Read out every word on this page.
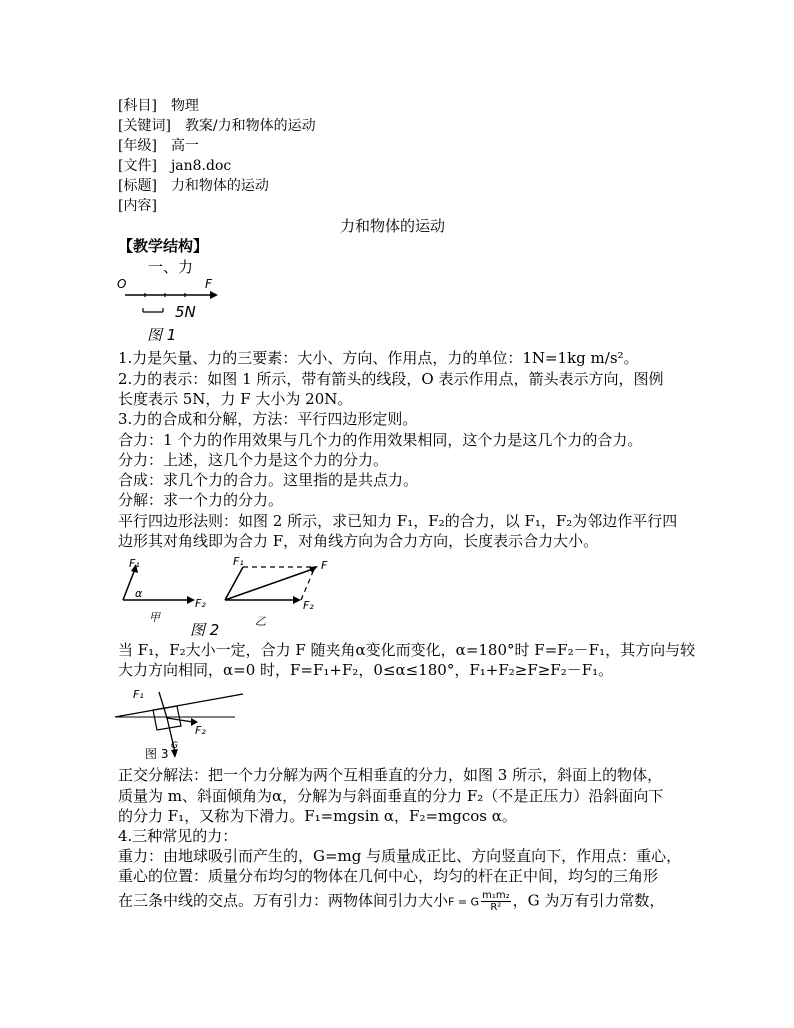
[科目] 物理
[关键词] 教案/力和物体的运动
[年级] 高一
[文件] jan8.doc
[标题] 力和物体的运动
[内容]
力和物体的运动
【教学结构】
一、力
O	F
5N
图 1
1.力是矢量、力的三要素：大小、方向、作用点，力的单位：1N=1kg m/s²。
2.力的表示：如图 1 所示，带有箭头的线段，O 表示作用点，箭头表示方向，图例
长度表示 5N，力 F 大小为 20N。
3.力的合成和分解，方法：平行四边形定则。
合力：1 个力的作用效果与几个力的作用效果相同，这个力是这几个力的合力。
分力：上述，这几个力是这个力的分力。
合成：求几个力的合力。这里指的是共点力。
分解：求一个力的分力。
平行四边形法则：如图 2 所示，求已知力 F₁，F₂的合力，以 F₁，F₂为邻边作平行四
边形其对角线即为合力 F，对角线方向为合力方向，长度表示合力大小。
F₁
α
F₂
甲
F₁	F
F₂
乙
图 2
当 F₁，F₂大小一定，合力 F 随夹角α变化而变化，α=180°时 F=F₂－F₁，其方向与较
大力方向相同，α=0 时，F=F₁+F₂，0≤α≤180°，F₁+F₂≥F≥F₂－F₁。
F₁
F₂
G
图 3
正交分解法：把一个力分解为两个互相垂直的分力，如图 3 所示，斜面上的物体，
质量为 m、斜面倾角为α，分解为与斜面垂直的分力 F₂（不是正压力）沿斜面向下
的分力 F₁，又称为下滑力。F₁=mgsin α，F₂=mgcos α。
4.三种常见的力：
重力：由地球吸引而产生的，G=mg 与质量成正比、方向竖直向下，作用点：重心，
重心的位置：质量分布均匀的物体在几何中心，均匀的杆在正中间，均匀的三角形
在三条中线的交点。万有引力：两物体间引力大小F = G $\frac{\text{m₁m₂}}{\text{R²}}$ ，G 为万有引力常数，
